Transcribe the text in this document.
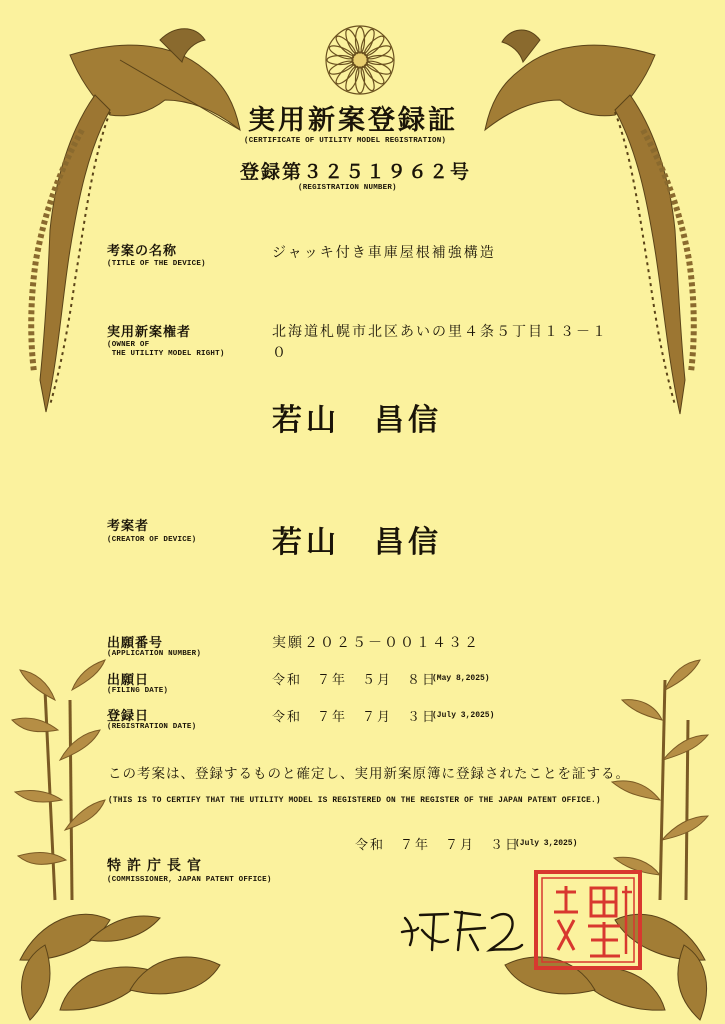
実用新案登録証
(CERTIFICATE OF UTILITY MODEL REGISTRATION)
登録第３２５１９６２号
(REGISTRATION NUMBER)
考案の名称
(TITLE OF THE DEVICE)
ジャッキ付き車庫屋根補強構造
実用新案権者
(OWNER OF
THE UTILITY MODEL RIGHT)
北海道札幌市北区あいの里４条５丁目１３－１
０
若山　昌信
考案者
(CREATOR OF DEVICE)	若山　昌信
出願番号
(APPLICATION NUMBER)
実願２０２５－００１４３２
出願日
(FILING DATE)
令和　７年　５月　８日
(May 8,2025)
登録日
(REGISTRATION DATE)
令和　７年　７月　３日
(July 3,2025)
この考案は、登録するものと確定し、実用新案原簿に登録されたことを証する。
(THIS IS TO CERTIFY THAT THE UTILITY MODEL IS REGISTERED ON THE REGISTER OF THE JAPAN PATENT OFFICE.)
令和　７年　７月　３日
(July 3,2025)
特許庁長官
(COMMISSIONER, JAPAN PATENT OFFICE)
